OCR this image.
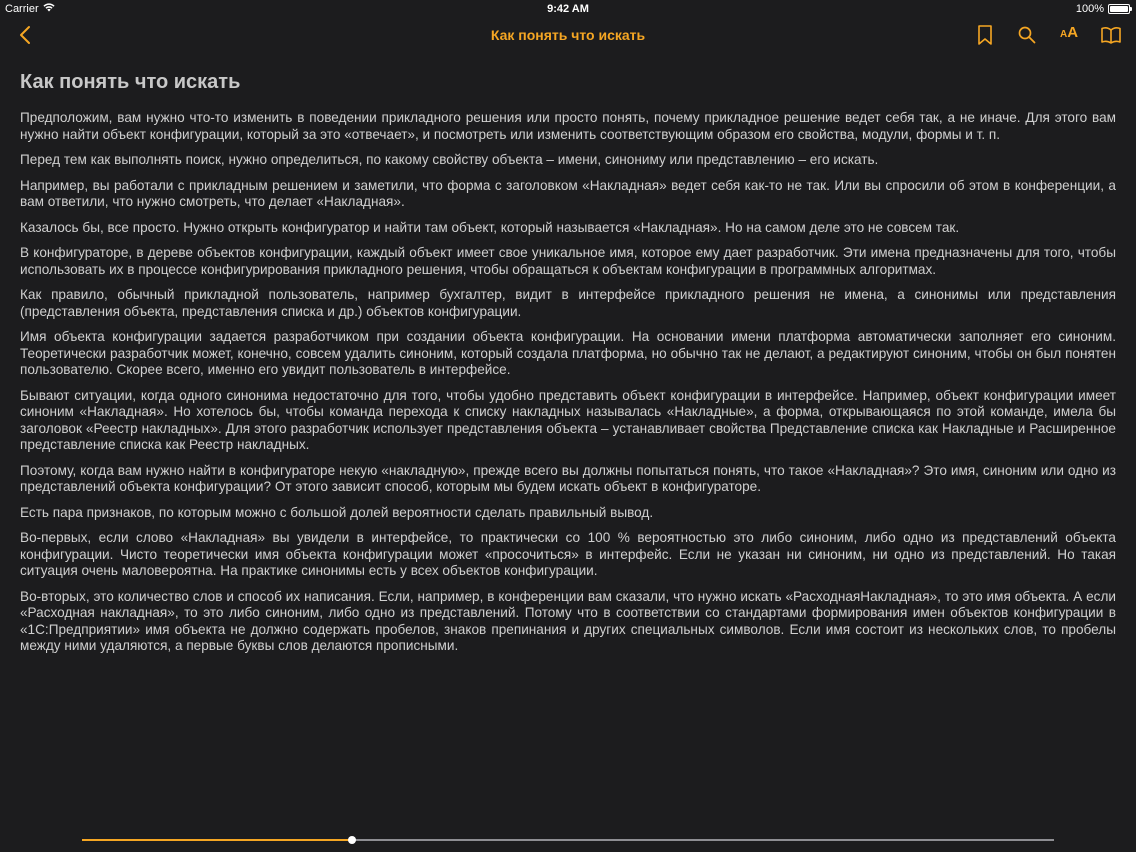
Carrier	9:42 AM	100%
Как понять что искать	A A
Как понять что искать

Предположим, вам нужно что-то изменить в поведении прикладного решения или просто понять, почему прикладное решение ведет себя так, а не иначе. Для этого вам нужно найти объект конфигурации, который за это «отвечает», и посмотреть или изменить соответствующим образом его свойства, модули, формы и т. п.

Перед тем как выполнять поиск, нужно определиться, по какому свойству объекта – имени, синониму или представлению – его искать.

Например, вы работали с прикладным решением и заметили, что форма с заголовком «Накладная» ведет себя как-то не так. Или вы спросили об этом в конференции, а вам ответили, что нужно смотреть, что делает «Накладная».

Казалось бы, все просто. Нужно открыть конфигуратор и найти там объект, который называется «Накладная». Но на самом деле это не совсем так.

В конфигураторе, в дереве объектов конфигурации, каждый объект имеет свое уникальное имя, которое ему дает разработчик. Эти имена предназначены для того, чтобы использовать их в процессе конфигурирования прикладного решения, чтобы обращаться к объектам конфигурации в программных алгоритмах.

Как правило, обычный прикладной пользователь, например бухгалтер, видит в интерфейсе прикладного решения не имена, а синонимы или представления (представления объекта, представления списка и др.) объектов конфигурации.

Имя объекта конфигурации задается разработчиком при создании объекта конфигурации. На основании имени платформа автоматически заполняет его синоним. Теоретически разработчик может, конечно, совсем удалить синоним, который создала платформа, но обычно так не делают, а редактируют синоним, чтобы он был понятен пользователю. Скорее всего, именно его увидит пользователь в интерфейсе.

Бывают ситуации, когда одного синонима недостаточно для того, чтобы удобно представить объект конфигурации в интерфейсе. Например, объект конфигурации имеет синоним «Накладная». Но хотелось бы, чтобы команда перехода к списку накладных называлась «Накладные», а форма, открывающаяся по этой команде, имела бы заголовок «Реестр накладных». Для этого разработчик использует представления объекта – устанавливает свойства Представление списка как Накладные и Расширенное представление списка как Реестр накладных.

Поэтому, когда вам нужно найти в конфигураторе некую «накладную», прежде всего вы должны попытаться понять, что такое «Накладная»? Это имя, синоним или одно из представлений объекта конфигурации? От этого зависит способ, которым мы будем искать объект в конфигураторе.

Есть пара признаков, по которым можно с большой долей вероятности сделать правильный вывод.

Во-первых, если слово «Накладная» вы увидели в интерфейсе, то практически со 100 % вероятностью это либо синоним, либо одно из представлений объекта конфигурации. Чисто теоретически имя объекта конфигурации может «просочиться» в интерфейс. Если не указан ни синоним, ни одно из представлений. Но такая ситуация очень маловероятна. На практике синонимы есть у всех объектов конфигурации.

Во-вторых, это количество слов и способ их написания. Если, например, в конференции вам сказали, что нужно искать «РасходнаяНакладная», то это имя объекта. А если «Расходная накладная», то это либо синоним, либо одно из представлений. Потому что в соответствии со стандартами формирования имен объектов конфигурации в «1С:Предприятии» имя объекта не должно содержать пробелов, знаков препинания и других специальных символов. Если имя состоит из нескольких слов, то пробелы между ними удаляются, а первые буквы слов делаются прописными.
